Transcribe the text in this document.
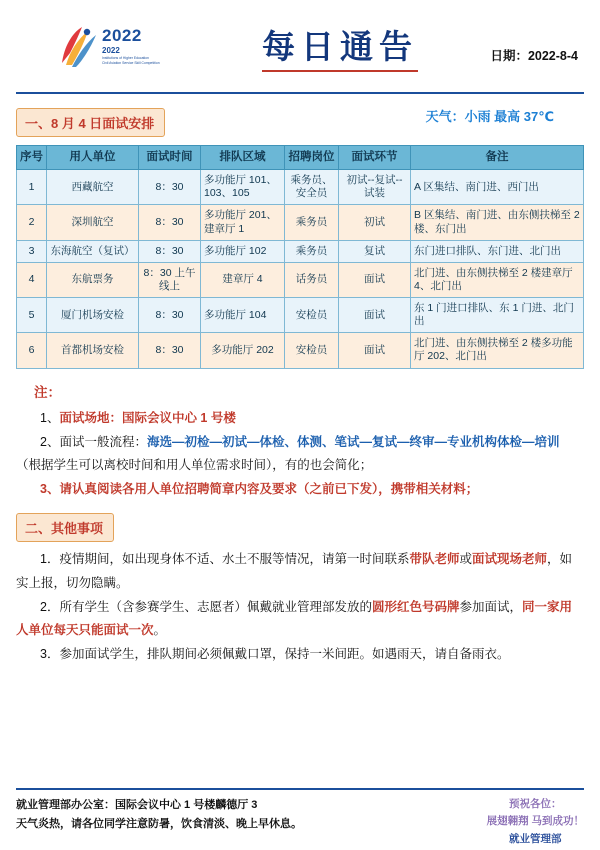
2022
2022
Institutions of Higher Education
Civil Aviation Service Skill Competition	每日通告	日期：2022-8-4
一、8 月 4 日面试安排	天气：小雨 最高 37℃
序号	用人单位	面试时间	排队区域	招聘岗位	面试环节	备注
1	西藏航空	8：30	多功能厅 101、103、105	乘务员、安全员	初试--复试--试装	A 区集结、南门进、西门出
2	深圳航空	8：30	多功能厅 201、建章厅 1	乘务员	初试	B 区集结、南门进、由东侧扶梯至 2 楼、东门出
3	东海航空（复试）	8：30	多功能厅 102	乘务员	复试	东门进口排队、东门进、北门出
4	东航票务	8：30 上午线上	建章厅 4	话务员	面试	北门进、由东侧扶梯至 2 楼建章厅 4、北门出
5	厦门机场安检	8：30	多功能厅 104	安检员	面试	东 1 门进口排队、东 1 门进、北门出
6	首都机场安检	8：30	多功能厅 202	安检员	面试	北门进、由东侧扶梯至 2 楼多功能厅 202、北门出
注：
1、面试场地：国际会议中心 1 号楼
2、面试一般流程：海选—初检—初试—体检、体测、笔试—复试—终审—专业机构体检—培训（根据学生可以离校时间和用人单位需求时间），有的也会简化；
3、请认真阅读各用人单位招聘简章内容及要求（之前已下发），携带相关材料；
二、其他事项

1．疫情期间，如出现身体不适、水土不服等情况，请第一时间联系带队老师或面试现场老师，如实上报，切勿隐瞒。

2．所有学生（含参赛学生、志愿者）佩戴就业管理部发放的圆形红色号码牌参加面试，同一家用人单位每天只能面试一次。

3．参加面试学生，排队期间必须佩戴口罩，保持一米间距。如遇雨天，请自备雨衣。

就业管理部办公室：国际会议中心 1 号楼麟德厅 3
天气炎热，请各位同学注意防暑，饮食清淡、晚上早休息。
预祝各位：
展翅翱翔 马到成功！
就业管理部
